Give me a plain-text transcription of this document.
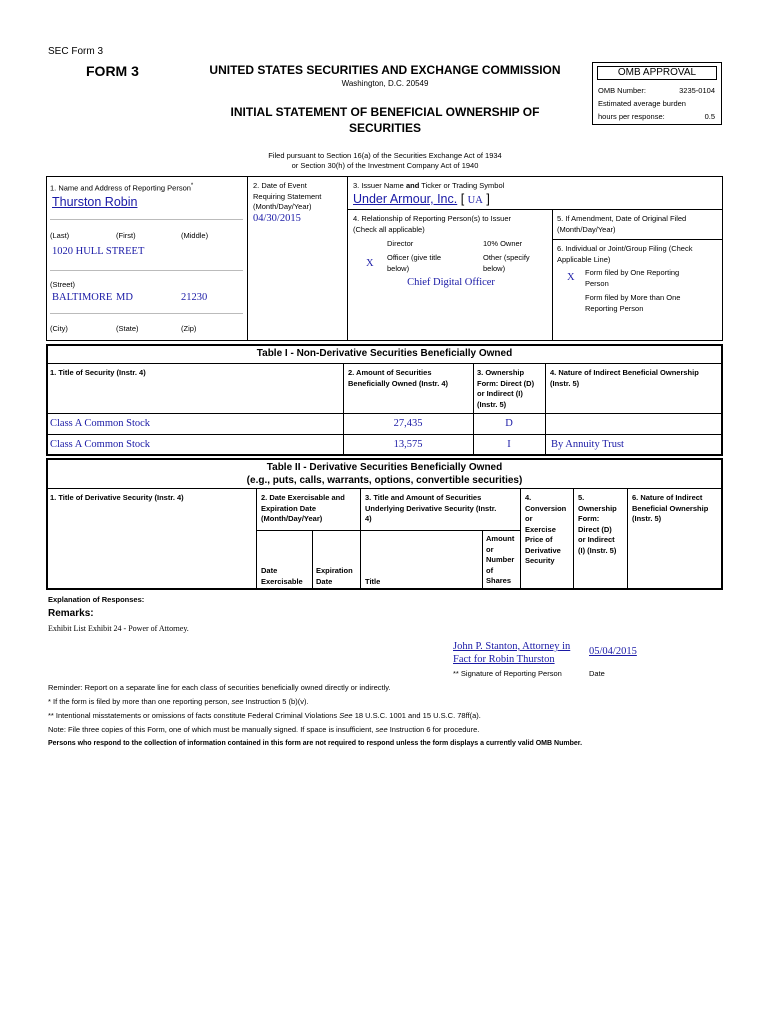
SEC Form 3
FORM 3	UNITED STATES SECURITIES AND EXCHANGE COMMISSION
Washington, D.C. 20549
INITIAL STATEMENT OF BENEFICIAL OWNERSHIP OF
SECURITIES
OMB APPROVAL
OMB Number:	3235-0104
Estimated average burden
hours per response:	0.5
Filed pursuant to Section 16(a) of the Securities Exchange Act of 1934
or Section 30(h) of the Investment Company Act of 1940
1. Name and Address of Reporting Person*
Thurston Robin
(Last)	(First)	(Middle)
1020 HULL STREET
(Street)
BALTIMORE MD	21230
(City)	(State)	(Zip)
2. Date of Event
Requiring Statement
(Month/Day/Year)
04/30/2015
3. Issuer Name and Ticker or Trading Symbol
Under Armour, Inc. [ UA ]
4. Relationship of Reporting Person(s) to Issuer
(Check all applicable)
Director	10% Owner
X
Officer (give title
below)
Other (specify
below)
Chief Digital Officer
5. If Amendment, Date of Original Filed
(Month/Day/Year)
6. Individual or Joint/Group Filing (Check
Applicable Line)
X Form filed by One Reporting
Person
Form filed by More than One
Reporting Person
Table I - Non-Derivative Securities Beneficially Owned
1. Title of Security (Instr. 4)	2. Amount of Securities
Beneficially Owned (Instr. 4)
3. Ownership
Form: Direct (D)
or Indirect (I)
(Instr. 5)
4. Nature of Indirect Beneficial Ownership
(Instr. 5)
Class A Common Stock	27,435	D
Class A Common Stock	13,575	I	By Annuity Trust
Table II - Derivative Securities Beneficially Owned
(e.g., puts, calls, warrants, options, convertible securities)
1. Title of Derivative Security (Instr. 4)	2. Date Exercisable and
Expiration Date
(Month/Day/Year)
3. Title and Amount of Securities
Underlying Derivative Security (Instr.
4)
4.
Conversion
or
Exercise
Price of
Derivative
Security
5.
Ownership
Form:
Direct (D)
or Indirect
(I) (Instr. 5)
6. Nature of Indirect
Beneficial Ownership
(Instr. 5)
Date
Exercisable
Expiration
Date	Title
Amount
or
Number
of
Shares
Explanation of Responses:
Remarks:
Exhibit List Exhibit 24 - Power of Attorney.
John P. Stanton, Attorney in
Fact for Robin Thurston
05/04/2015
** Signature of Reporting Person	Date
Reminder: Report on a separate line for each class of securities beneficially owned directly or indirectly.
* If the form is filed by more than one reporting person, see Instruction 5 (b)(v).
** Intentional misstatements or omissions of facts constitute Federal Criminal Violations See 18 U.S.C. 1001 and 15 U.S.C. 78ff(a).
Note: File three copies of this Form, one of which must be manually signed. If space is insufficient, see Instruction 6 for procedure.
Persons who respond to the collection of information contained in this form are not required to respond unless the form displays a currently valid OMB Number.
